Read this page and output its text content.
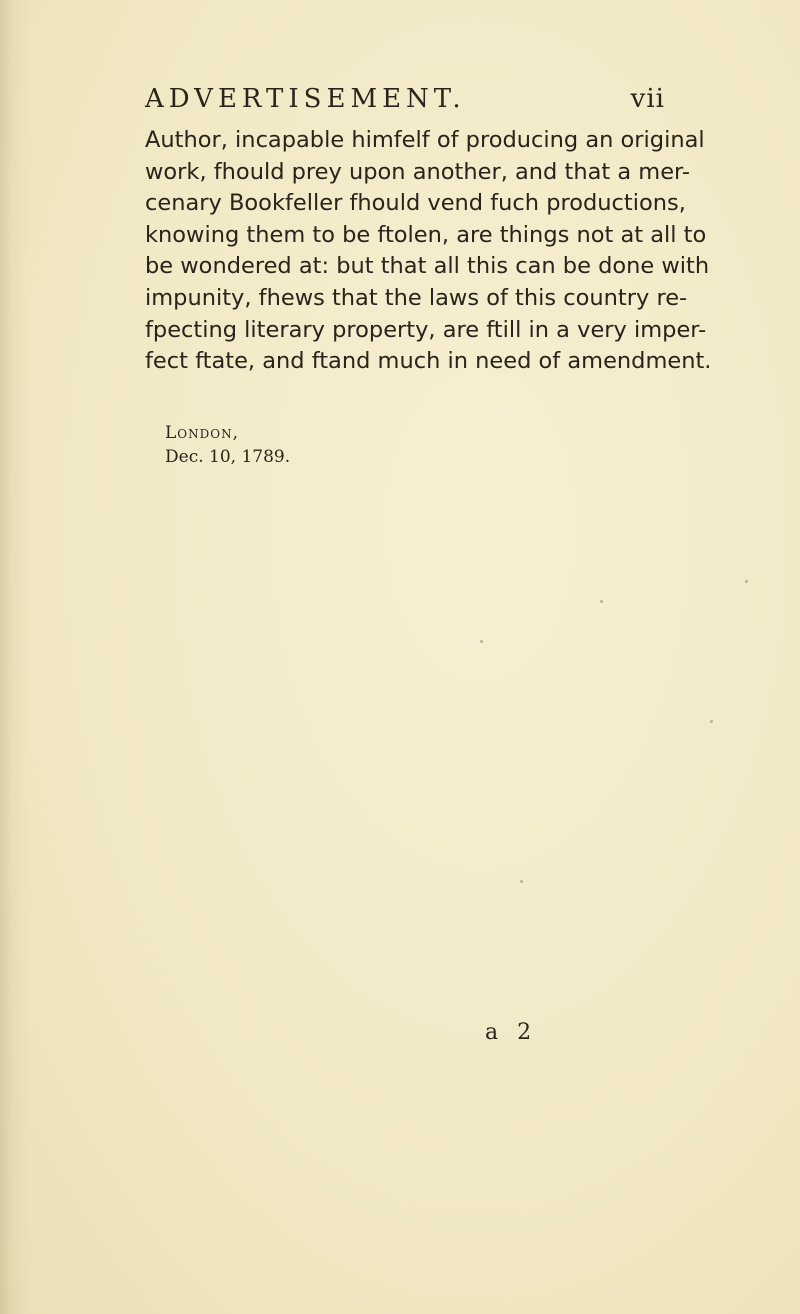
ADVERTISEMENT.	vii
Author, incapable himfelf of producing an original
work, fhould prey upon another, and that a mer-
cenary Bookfeller fhould vend fuch productions,
knowing them to be ftolen, are things not at all to
be wondered at: but that all this can be done with
impunity, fhews that the laws of this country re-
fpecting literary property, are ftill in a very imper-
fect ftate, and ftand much in need of amendment.
London,
Dec. 10, 1789.
a 2
